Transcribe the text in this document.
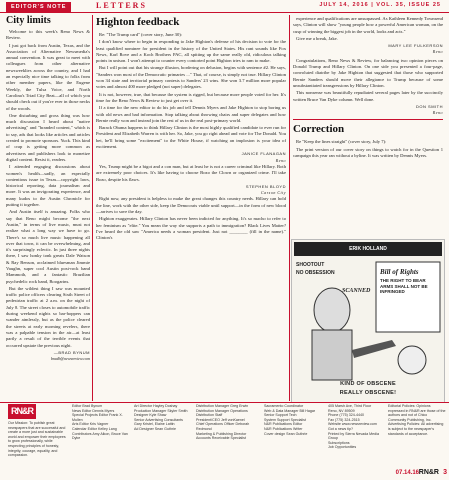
EDITOR'S NOTE	LETTERS	JULY 14, 2016 | VOL. 35, ISSUE 25
City limits

Welcome to this week's Reno News & Review.

I just got back from Austin, Texas, and the Association of Alternative Newsmedia's annual convention. It was great to meet with colleagues from other alternative newsweeklies across the country, and I had an especially nice time talking to folks from other member papers, like the Eugene Weekly, the Tulsa Voice, and North Carolina's Triad City Beat—all of which you should check out if you're ever in those necks of the woods.

One disturbing and gross thing was how much discussion I heard about "native advertising" and "branded content," which is to say, ads that looks like articles and articles created to promote sponsors. Yuck. This kind of crap is getting more common as advertisers and publishers look to monetize digital content. Resist it, readers.

I attended engaging discussions about women's health—sadly, an especially contentious issue in Texas—copyright laws, historical reporting, data journalism and more. It was an invigorating experience, and many kudos to the Austin Chronicle for putting it together.

And Austin itself is amazing. Folks who say that Reno might become "the next Austin," in terms of live music, must not realize what a long way we have to go. There's so much live music happening all over that town, it can be overwhelming, and it's surprisingly eclectic. In just three nights there, I saw honky tonk greats Dale Watson & Ray Benson, acclaimed bluesman Jimmie Vaughn, super cool Austin post-rock band Mammoth, and a fantastic Brazilian psychedelic rock band, Boogarins.

But the wildest thing I saw was mounted traffic police officers clearing Sixth Street of pedestrian traffic at 2 a.m. on the night of July 8. The street closes to automobile traffic during weekend nights so bar-hoppers can wander aimlessly, but as the police cleared the streets at early morning revelers, there was a palpable tension in the air—at least partly a result of the terrible events that occurred upstate the previous night.

—BRAD BYNUM
bradb@newsreview.com
Highton feedback

Re: "The Trump card" (cover story, June 30):

I don't know where to begin in responding to Jake Highton's defense of his decision to vote for the least qualified nominee for president in the history of the United States. His rant sounds like Fox News, Karl Rove and a Koch Brothers PAC, all spitting up the same really old, ridiculous talking points in unison. I won't attempt to counter every contorted point Highton tries to ram to make.

But I will point out that his strange illusion, bordering on delusion, begins with sentence #2. He says, "Sanders won most of the Democratic primaries ..." That, of course, is simply not true. Hillary Clinton won 34 state and territorial primary contests to Sanders' 23 wins. She won 3.7 million more popular votes and almost 400 more pledged (not super) delegates.

It is not, however, true, that because the system is rigged, but because more people voted for her. It's time for the Reno News & Review to just get over it.

If a time for the new editor to do his job and tell Dennis Myers and Jake Highton to stop boring us with old news and bad information. Stop talking about throwing chairs and super delegates and how Bernie really won and instead join the rest of us in the real post-primary world.

Barack Obama happens to think Hillary Clinton is the most highly qualified candidate to ever run for President and Elizabeth Warren is with her. So, Jake, you go right ahead and vote for The Donald. You bet, he'll bring some "excitement" to the White House, if watching an implosion is your idea of excitement.

JANICE FLANAGAN
Reno

Yes, Trump might be a bigot and a con man, but at least he is not a career criminal like Hillary. Both are extremely poor choices. It's like having to choose Bozo the Clown or organized crime. I'll take Bozo, despite his flaws.

STEPHEN BLOYD
Carson City

Right now, any president is helpless to make the great changes this country needs. Hillary can hold the line, work with the other side, keep the Democrats viable until support—in the form of new blood—arrives to save the day.

Highton exaggerates. Hillary Clinton has never been indicted for anything. It's so macho to refer to her feminism as "elite." You mean the way she supports a path to immigration? Black Lives Matter? I've heard the old saw "America needs a woman president. Just not ________ (fill in the name)." Clinton's

experience and qualifications are unsurpassed. As Kathleen Kennedy Townsend says, Clinton will show "young people how a powerful American woman, on the cusp of winning the biggest job in the world, looks and acts."

Give me a break, Jake.

MARY LEE FULKERSON
Reno

Congratulations, Reno News & Review, for balancing two opinion pieces on Donald Trump and Hillary Clinton. On one side you presented a four-page, convoluted diatribe by Jake Highton that suggested that those who supported Bernie Sanders should move their allegiance to Trump because of some unsubstantiated transgressions by Hillary Clinton.

This nonsense was beautifully repudiated several pages later by the succinctly written Bruce Van Dyke column. Well done.

DON SMITH
Reno
Correction

Re "Keep the lines straight" (cover story, July 7):

The print version of our cover story on things to watch for in the Question 1 campaign this year ran without a byline. It was written by Dennis Myers.

ERIK HOLLAND
Bill of Rights
THE RIGHT TO BEAR ARMS SHALL NOT BE INFRINGED
SCANNED
SHOOTOUT
NO OBSESSION
KIND OF OBSCENE
REALLY OBSCENE!
RN&R
Our Mission: To publish great newspapers that are successful and create a more just and sustainable world and empower their employees to grow professionally, while respecting principles of honesty, integrity, courage, equality, and compassion.
Editor Brad Bynum
News Editor Dennis Myers
Special Projects Editor Frank X. Mullen
Arts Editor Kris Vagner
Calendar Editor Kelley Lang
Contributors Amy Alkon, Bruce Van Dyke
Art Director Hayley Doshay
Production Manager Skyler Smith
Designer Kyle Shaw
Senior Advertising Consultants
Gary Kristel, Elaine Lattin
Ad Designer Sean Guthrie
Distribution Manager Greg Erwin
Distribution Manager Operations
Distribution Staff
President/CEO Jeff vonKaenel
Chief Operations Officer Deborah Redmond
Marketing & Publishing Director
Accounts Receivable Specialist
Sacramento Coordinator
Web & Data Manager Bill Hagar
Senior Support Tech
System Support Specialist
N&R Publications Editor
N&R Publications Writer
Cover design Sean Guthrie
405 Marsh Ave, Third Floor
Reno, NV 89509
Phone (775) 324-4440
Fax (775) 324-2515
Website www.newsreview.com
Got a news tip?
Printed by Sierra Nevada Media Group
Subscriptions
Job Opportunities
Editorial Policies: Opinions expressed in RN&R are those of the authors and not of Chico Community Publishing, Inc.
Advertising Policies: All advertising is subject to the newspaper's standards of acceptance.
07.14.16 RN&R 3
